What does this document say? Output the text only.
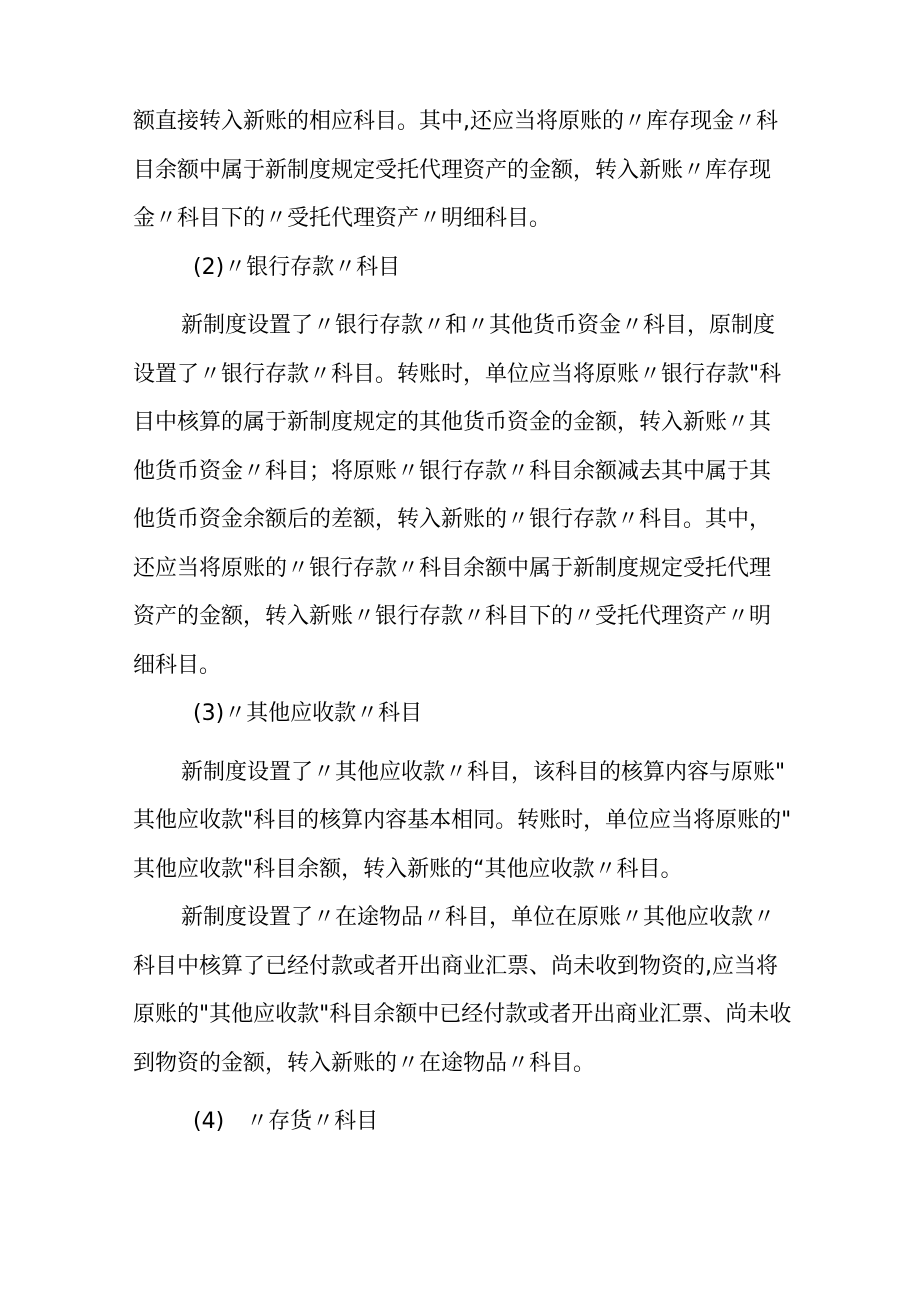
额直接转入新账的相应科目。其中,还应当将原账的〃库存现金〃科
目余额中属于新制度规定受托代理资产的金额，转入新账〃库存现
金〃科目下的〃受托代理资产〃明细科目。
(2)〃银行存款〃科目
新制度设置了〃银行存款〃和〃其他货币资金〃科目，原制度
设置了〃银行存款〃科目。转账时，单位应当将原账〃银行存款"科
目中核算的属于新制度规定的其他货币资金的金额，转入新账〃其
他货币资金〃科目；将原账〃银行存款〃科目余额减去其中属于其
他货币资金余额后的差额，转入新账的〃银行存款〃科目。其中，
还应当将原账的〃银行存款〃科目余额中属于新制度规定受托代理
资产的金额，转入新账〃银行存款〃科目下的〃受托代理资产〃明
细科目。
(3)〃其他应收款〃科目
新制度设置了〃其他应收款〃科目，该科目的核算内容与原账"
其他应收款"科目的核算内容基本相同。转账时，单位应当将原账的"
其他应收款"科目余额，转入新账的“其他应收款〃科目。
新制度设置了〃在途物品〃科目，单位在原账〃其他应收款〃
科目中核算了已经付款或者开出商业汇票、尚未收到物资的,应当将
原账的"其他应收款"科目余额中已经付款或者开出商业汇票、尚未收
到物资的金额，转入新账的〃在途物品〃科目。
(4)　〃存货〃科目
